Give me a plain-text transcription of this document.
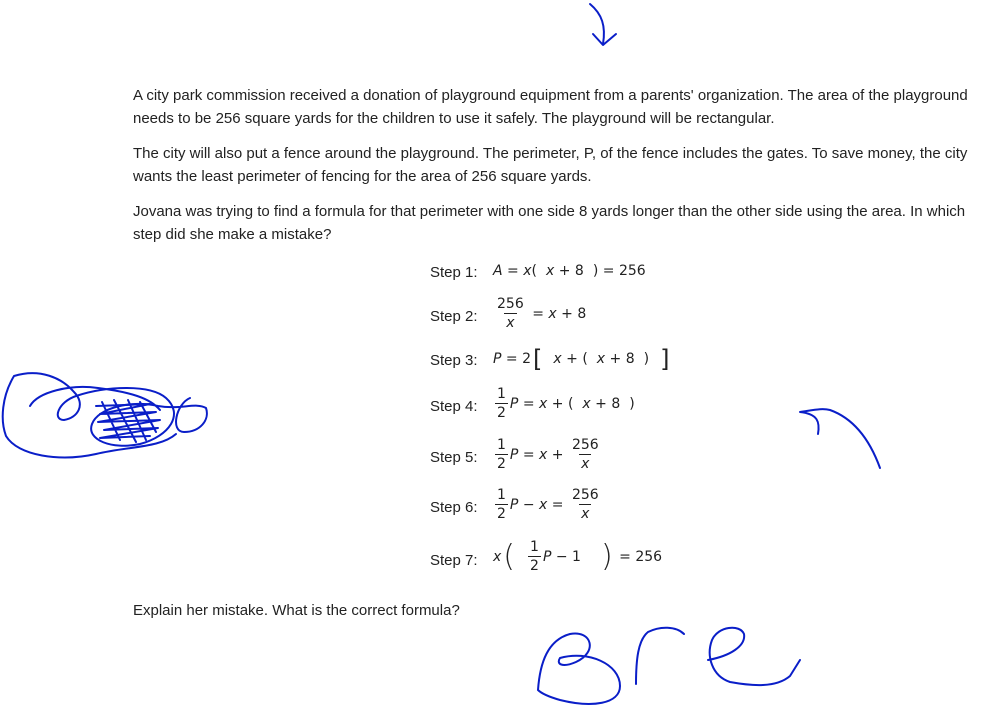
A city park commission received a donation of playground equipment from a parents' organization. The area of the playground needs to be 256 square yards for the children to use it safely. The playground will be rectangular.

The city will also put a fence around the playground. The perimeter, P, of the fence includes the gates. To save money, the city wants the least perimeter of fencing for the area of 256 square yards.

Jovana was trying to find a formula for that perimeter with one side 8 yards longer than the other side using the area. In which step did she make a mistake?

Step 1: A
=
x ( x
+
8 )
=
256
Step 2: $\frac{256}{x}$
=
x
+
8
Step 3: P
=
2 [ x
+
( x
+
8 ) ]
Step 4: $\frac{1}{2}$ P
=
x
+
( x
+
8 )
Step 5: $\frac{1}{2}$ P
=
x
+
$\frac{256}{x}$
Step 6: $\frac{1}{2}$ P
−
x
=
$\frac{256}{x}$
Step 7: x ( $\frac{1}{2}$ P
−
1 )
=
256

Explain her mistake. What is the correct formula?
